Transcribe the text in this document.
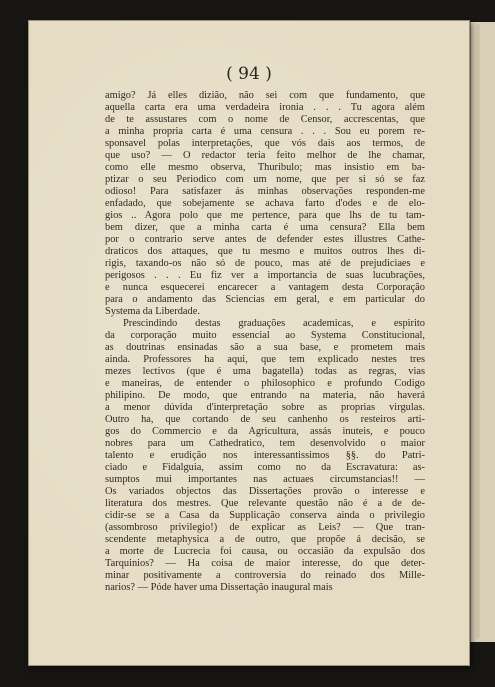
( 94 )
amigo? Já elles dizião, não sei com que fundamento, que
aquella carta era uma verdadeira ironia . . . Tu agora além
de te assustares com o nome de Censor, accrescentas, que
a minha propria carta é uma censura . . . Sou eu porem re-
sponsavel polas interpretações, que vós dais aos termos, de
que uso? — O redactor teria feito melhor de lhe chamar,
como elle mesmo observa, Thuribulo; mas insistio em ba-
ptizar o seu Periodico com um nome, que per si só se faz
odioso! Para satisfazer ás minhas observações responden-me
enfadado, que sobejamente se achava farto d'odes e de elo-
gios .. Agora polo que me pertence, para que lhs de tu tam-
bem dizer, que a minha carta é uma censura? Ella bem
por o contrario serve antes de defender estes illustres Cathe-
draticos dos attaques, que tu mesmo e muitos outros lhes di-
rigis, taxando-os não só de pouco, mas até de prejudiciaes e
perigosos . . . Eu fiz ver a importancia de suas lucubrações,
e nunca esquecerei encarecer a vantagem desta Corporação
para o andamento das Sciencias em geral, e em particular do
Systema da Liberdade.
Prescindindo destas graduações academicas, e espirito
da corporação muito essencial ao Systema Constitucional,
as doutrinas ensinadas são a sua base, e prometem mais
ainda. Professores ha aqui, que tem explicado nestes tres
mezes lectivos (que é uma bagatella) todas as regras, vias
e maneiras, de entender o philosophico e profundo Codigo
philipino. De modo, que entrando na materia, não haverá
a menor dúvida d'interpretação sobre as proprias virgulas.
Outro ha, que cortando de seu canhenho os resteiros arti-
gos do Commercio e da Agricultura, assás inuteis, e pouco
nobres para um Cathedratico, tem desenvolvido o maior
talento e erudição nos interessantissimos §§. do Patri-
ciado e Fidalguia, assim como no da Escravatura: as-
sumptos mui importantes nas actuaes circumstancias!! —
Os variados objectos das Dissertações provão o interesse e
literatura dos mestres. Que relevante questão não é a de de-
cidir-se se a Casa da Supplicação conserva ainda o privilegio
(assombroso privilegio!) de explicar as Leis? — Que tran-
scendente metaphysica a de outro, que propõe á decisão, se
a morte de Lucrecia foi causa, ou occasião da expulsão dos
Tarquinios? — Ha coisa de maior interesse, do que deter-
minar positivamente a controversia do reinado dos Mille-
narios? — Póde haver uma Dissertação inaugural mais
